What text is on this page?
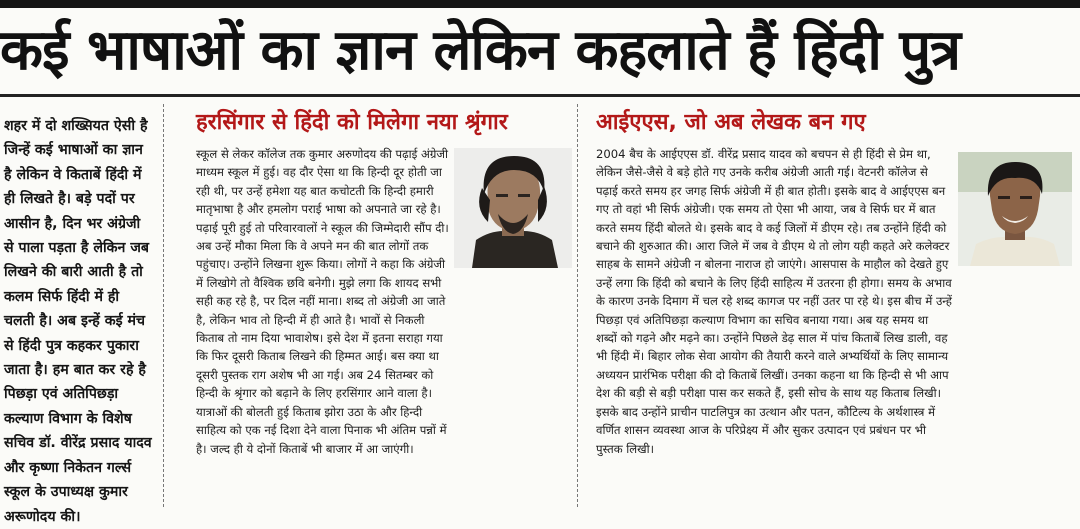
कई भाषाओं का ज्ञान लेकिन कहलाते हैं हिंदी पुत्र

शहर में दो शख्सियत ऐसी है जिन्हें कई भाषाओं का ज्ञान है लेकिन वे किताबें हिंदी में ही लिखते है। बड़े पदों पर आसीन है, दिन भर अंग्रेजी से पाला पड़ता है लेकिन जब लिखने की बारी आती है तो कलम सिर्फ हिंदी में ही चलती है। अब इन्हें कई मंच से हिंदी पुत्र कहकर पुकारा जाता है। हम बात कर रहे है पिछड़ा एवं अतिपिछड़ा कल्याण विभाग के विशेष सचिव डॉ. वीरेंद्र प्रसाद यादव और कृष्णा निकेतन गर्ल्स स्कूल के उपाध्यक्ष कुमार अरूणोदय की।

हरसिंगार से हिंदी को मिलेगा नया श्रृंगार

स्कूल से लेकर कॉलेज तक कुमार अरुणोदय की पढ़ाई अंग्रेजी माध्यम स्कूल में हुई। वह दौर ऐसा था कि हिन्दी दूर होती जा रही थी, पर उन्हें हमेशा यह बात कचोटती कि हिन्दी हमारी मातृभाषा है और हमलोग पराई भाषा को अपनाते जा रहे है। पढ़ाई पूरी हुई तो परिवारवालों ने स्कूल की जिम्मेदारी सौंप दी। अब उन्हें मौका मिला कि वे अपने मन की बात लोगों तक पहुंचाए। उन्होंने लिखना शुरू किया। लोगों ने कहा कि अंग्रेजी में लिखोगे तो वैश्विक छवि बनेगी। मुझे लगा कि शायद सभी सही कह रहे है, पर दिल नहीं माना। शब्द तो अंग्रेजी आ जाते है, लेकिन भाव तो हिन्दी में ही आते है। भावों से निकली किताब तो नाम दिया भावाशेष। इसे देश में इतना सराहा गया कि फिर दूसरी किताब लिखने की हिम्मत आई। बस क्या था दूसरी पुस्तक राग अशेष भी आ गई। अब 24 सितम्बर को हिन्दी के श्रृंगार को बढ़ाने के लिए हरसिंगार आने वाला है। यात्राओं की बोलती हुई किताब झोरा उठा के और हिन्दी साहित्य को एक नई दिशा देने वाला पिनाक भी अंतिम पन्नों में है। जल्द ही ये दोनों किताबें भी बाजार में आ जाएंगी।

आईएएस, जो अब लेखक बन गए

2004 बैच के आईएएस डॉ. वीरेंद्र प्रसाद यादव को बचपन से ही हिंदी से प्रेम था, लेकिन जैसे-जैसे वे बड़े होते गए उनके करीब अंग्रेजी आती गई। वेटनरी कॉलेज से पढ़ाई करते समय हर जगह सिर्फ अंग्रेजी में ही बात होती। इसके बाद वे आईएएस बन गए तो वहां भी सिर्फ अंग्रेजी। एक समय तो ऐसा भी आया, जब वे सिर्फ घर में बात करते समय हिंदी बोलते थे। इसके बाद वे कई जिलों में डीएम रहे। तब उन्होंने हिंदी को बचाने की शुरुआत की। आरा जिले में जब वे डीएम थे तो लोग यही कहते अरे कलेक्टर साहब के सामने अंग्रेजी न बोलना नाराज हो जाएंगे। आसपास के माहौल को देखते हुए उन्हें लगा कि हिंदी को बचाने के लिए हिंदी साहित्य में उतरना ही होगा। समय के अभाव के कारण उनके दिमाग में चल रहे शब्द कागज पर नहीं उतर पा रहे थे। इस बीच में उन्हें पिछड़ा एवं अतिपिछड़ा कल्याण विभाग का सचिव बनाया गया। अब यह समय था शब्दों को गढ़ने और मढ़ने का। उन्होंने पिछले डेढ़ साल में पांच किताबें लिख डाली, वह भी हिंदी में। बिहार लोक सेवा आयोग की तैयारी करने वाले अभ्यर्थियों के लिए सामान्य अध्ययन प्रारंभिक परीक्षा की दो किताबें लिखीं। उनका कहना था कि हिन्दी से भी आप देश की बड़ी से बड़ी परीक्षा पास कर सकते हैं, इसी सोच के साथ यह किताब लिखी। इसके बाद उन्होंने प्राचीन पाटलिपुत्र का उत्थान और पतन, कौटिल्य के अर्थशास्त्र में वर्णित शासन व्यवस्था आज के परिप्रेक्ष्य में और सुकर उत्पादन एवं प्रबंधन पर भी पुस्तक लिखी।
